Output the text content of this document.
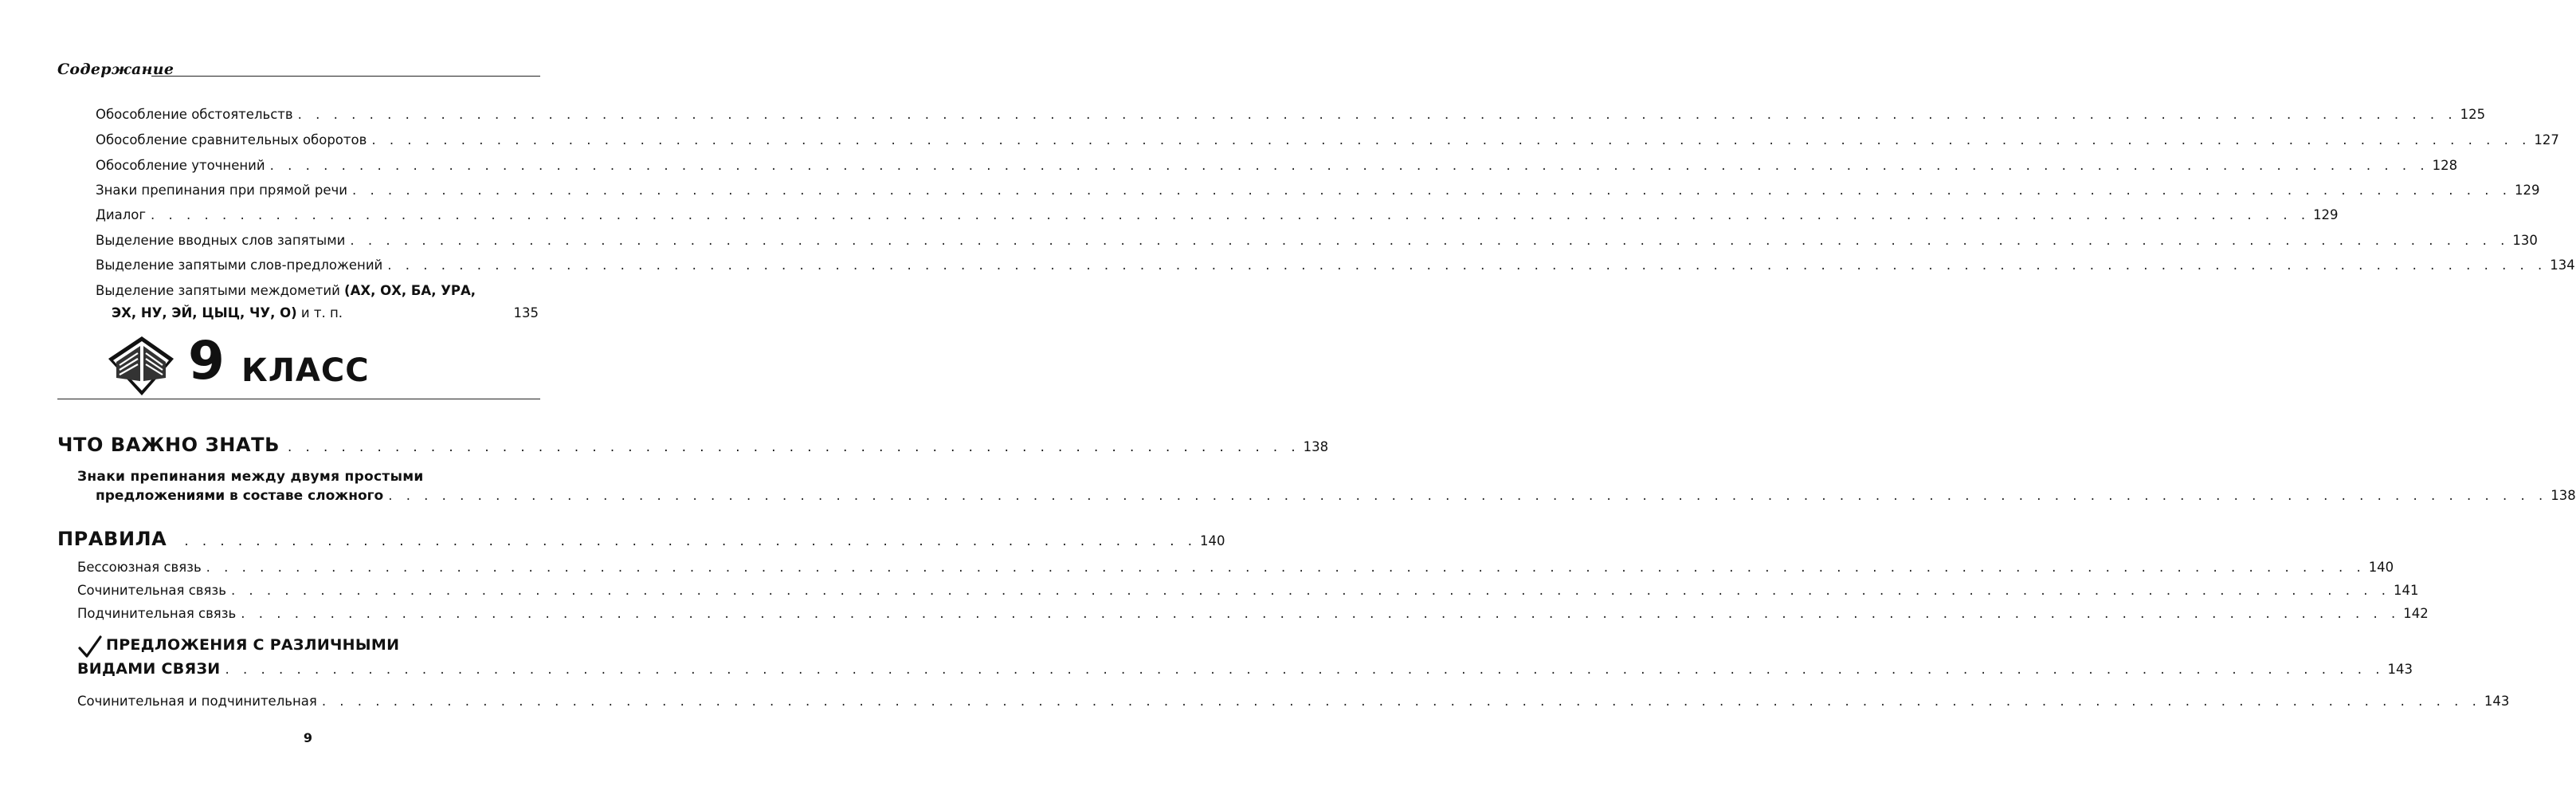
Содержание
Обособление обстоятельств . . .	125
Обособление сравнительных оборотов . . .	127
Обособление уточнений . . .	128
Знаки препинания при прямой речи . . .	129
Диалог . . .	129
Выделение вводных слов запятыми . . .	130
Выделение запятыми слов-предложений . . .	134
Выделение запятыми междометий (АХ, ОХ, БА, УРА,
ЭХ, НУ, ЭЙ, ЦЫЦ, ЧУ, О) и т. п.	135
9 КЛАСС
ЧТО ВАЖНО ЗНАТЬ . . . . . . . . . . . . . . . . . . . . . . . . . . . . . . . . . . . . . . . . . . . . . . . . . . . . . . . . . 138
Знаки препинания между двумя простыми
предложениями в составе сложного . . .	138
ПРАВИЛА . . . . . . . . . . . . . . . . . . . . . . . . . . . . . . . . . . . . . . . . . . . . . . . . . . . . . . . . . 140
Бессоюзная связь . . .	140
Сочинительная связь . . .	141
Подчинительная связь . . .	142
ПРЕДЛОЖЕНИЯ С РАЗЛИЧНЫМИ
ВИДАМИ СВЯЗИ . . .	143
Сочинительная и подчинительная . . .	143
9
